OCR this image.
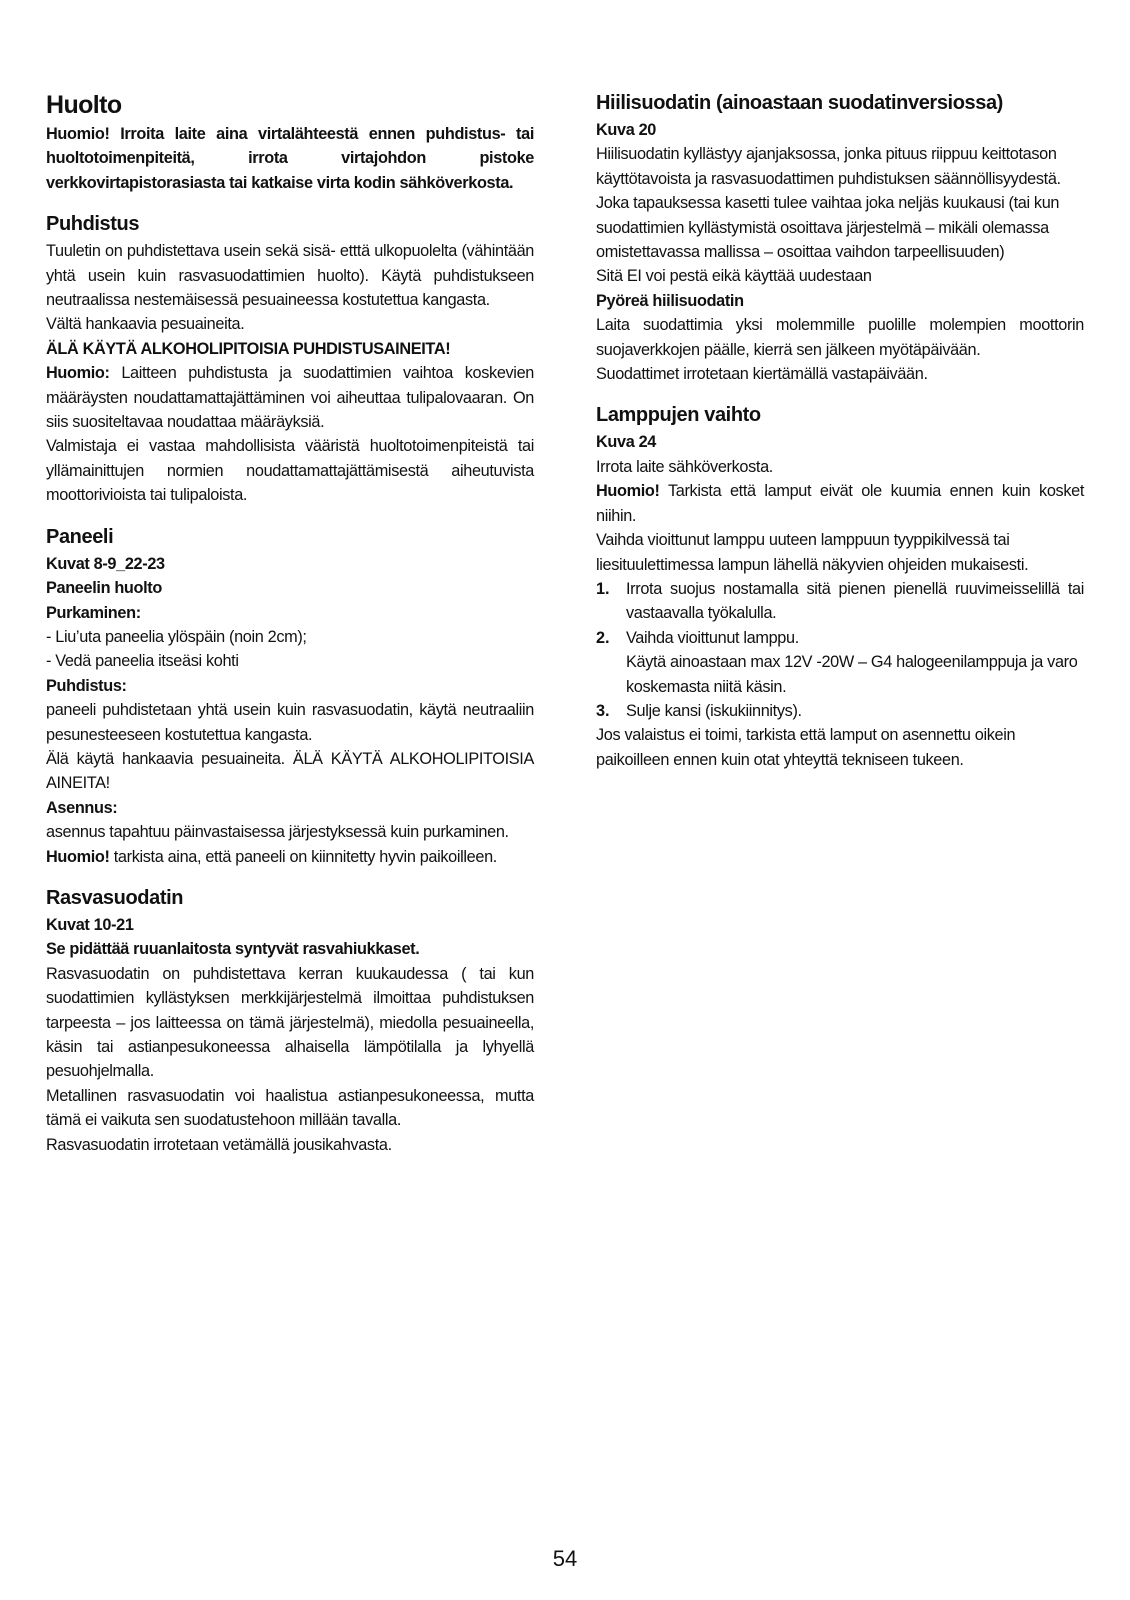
Huolto

Huomio! Irroita laite aina virtalähteestä ennen puhdistus- tai huoltotoimenpiteitä, irrota virtajohdon pistoke verkkovirtapistorasiasta tai katkaise virta kodin sähköverkosta.

Puhdistus

Tuuletin on puhdistettava usein sekä sisä- etttä ulkopuolelta (vähintään yhtä usein kuin rasvasuodattimien huolto). Käytä puhdistukseen neutraalissa nestemäisessä pesuaineessa kostutettua kangasta.

Vältä hankaavia pesuaineita.

ÄLÄ KÄYTÄ ALKOHOLIPITOISIA PUHDISTUSAINEITA!

Huomio: Laitteen puhdistusta ja suodattimien vaihtoa koskevien määräysten noudattamattajättäminen voi aiheuttaa tulipalovaaran. On siis suositeltavaa noudattaa määräyksiä.

Valmistaja ei vastaa mahdollisista vääristä huoltotoimenpiteistä tai yllämainittujen normien noudattamattajättämisestä aiheutuvista moottorivioista tai tulipaloista.

Paneeli

Kuvat 8-9_22-23

Paneelin huolto

Purkaminen:

- Liu’uta paneelia ylöspäin (noin 2cm);

- Vedä paneelia itseäsi kohti

Puhdistus:

paneeli puhdistetaan yhtä usein kuin rasvasuodatin, käytä neutraaliin pesunesteeseen kostutettua kangasta.

Älä käytä hankaavia pesuaineita. ÄLÄ KÄYTÄ ALKOHOLIPITOISIA AINEITA!

Asennus:

asennus tapahtuu päinvastaisessa järjestyksessä kuin purkaminen.

Huomio! tarkista aina, että paneeli on kiinnitetty hyvin paikoilleen.

Rasvasuodatin

Kuvat 10-21

Se pidättää ruuanlaitosta syntyvät rasvahiukkaset.

Rasvasuodatin on puhdistettava kerran kuukaudessa ( tai kun suodattimien kyllästyksen merkkijärjestelmä ilmoittaa puhdistuksen tarpeesta – jos laitteessa on tämä järjestelmä), miedolla pesuaineella, käsin tai astianpesukoneessa alhaisella lämpötilalla ja lyhyellä pesuohjelmalla.

Metallinen rasvasuodatin voi haalistua astianpesukoneessa, mutta tämä ei vaikuta sen suodatustehoon millään tavalla.

Rasvasuodatin irrotetaan vetämällä jousikahvasta.

Hiilisuodatin (ainoastaan suodatinversiossa)

Kuva 20

Hiilisuodatin kyllästyy ajanjaksossa, jonka pituus riippuu keittotason käyttötavoista ja rasvasuodattimen puhdistuksen säännöllisyydestä. Joka tapauksessa kasetti tulee vaihtaa joka neljäs kuukausi (tai kun suodattimien kyllästymistä osoittava järjestelmä – mikäli olemassa omistettavassa mallissa – osoittaa vaihdon tarpeellisuuden)

Sitä EI voi pestä eikä käyttää uudestaan

Pyöreä hiilisuodatin

Laita suodattimia yksi molemmille puolille molempien moottorin suojaverkkojen päälle, kierrä sen jälkeen myötäpäivään.

Suodattimet irrotetaan kiertämällä vastapäivään.

Lamppujen vaihto

Kuva 24

Irrota laite sähköverkosta.

Huomio! Tarkista että lamput eivät ole kuumia ennen kuin kosket niihin.

Vaihda vioittunut lamppu uuteen lamppuun tyyppikilvessä tai liesituulettimessa lampun lähellä näkyvien ohjeiden mukaisesti.

1.	Irrota suojus nostamalla sitä pienen pienellä ruuvimeisselillä tai vastaavalla työkalulla.
2.	Vaihda vioittunut lamppu.
Käytä ainoastaan max 12V -20W – G4 halogeenilamppuja ja varo koskemasta niitä käsin.
3.	Sulje kansi (iskukiinnitys).

Jos valaistus ei toimi, tarkista että lamput on asennettu oikein paikoilleen ennen kuin otat yhteyttä tekniseen tukeen.

54
